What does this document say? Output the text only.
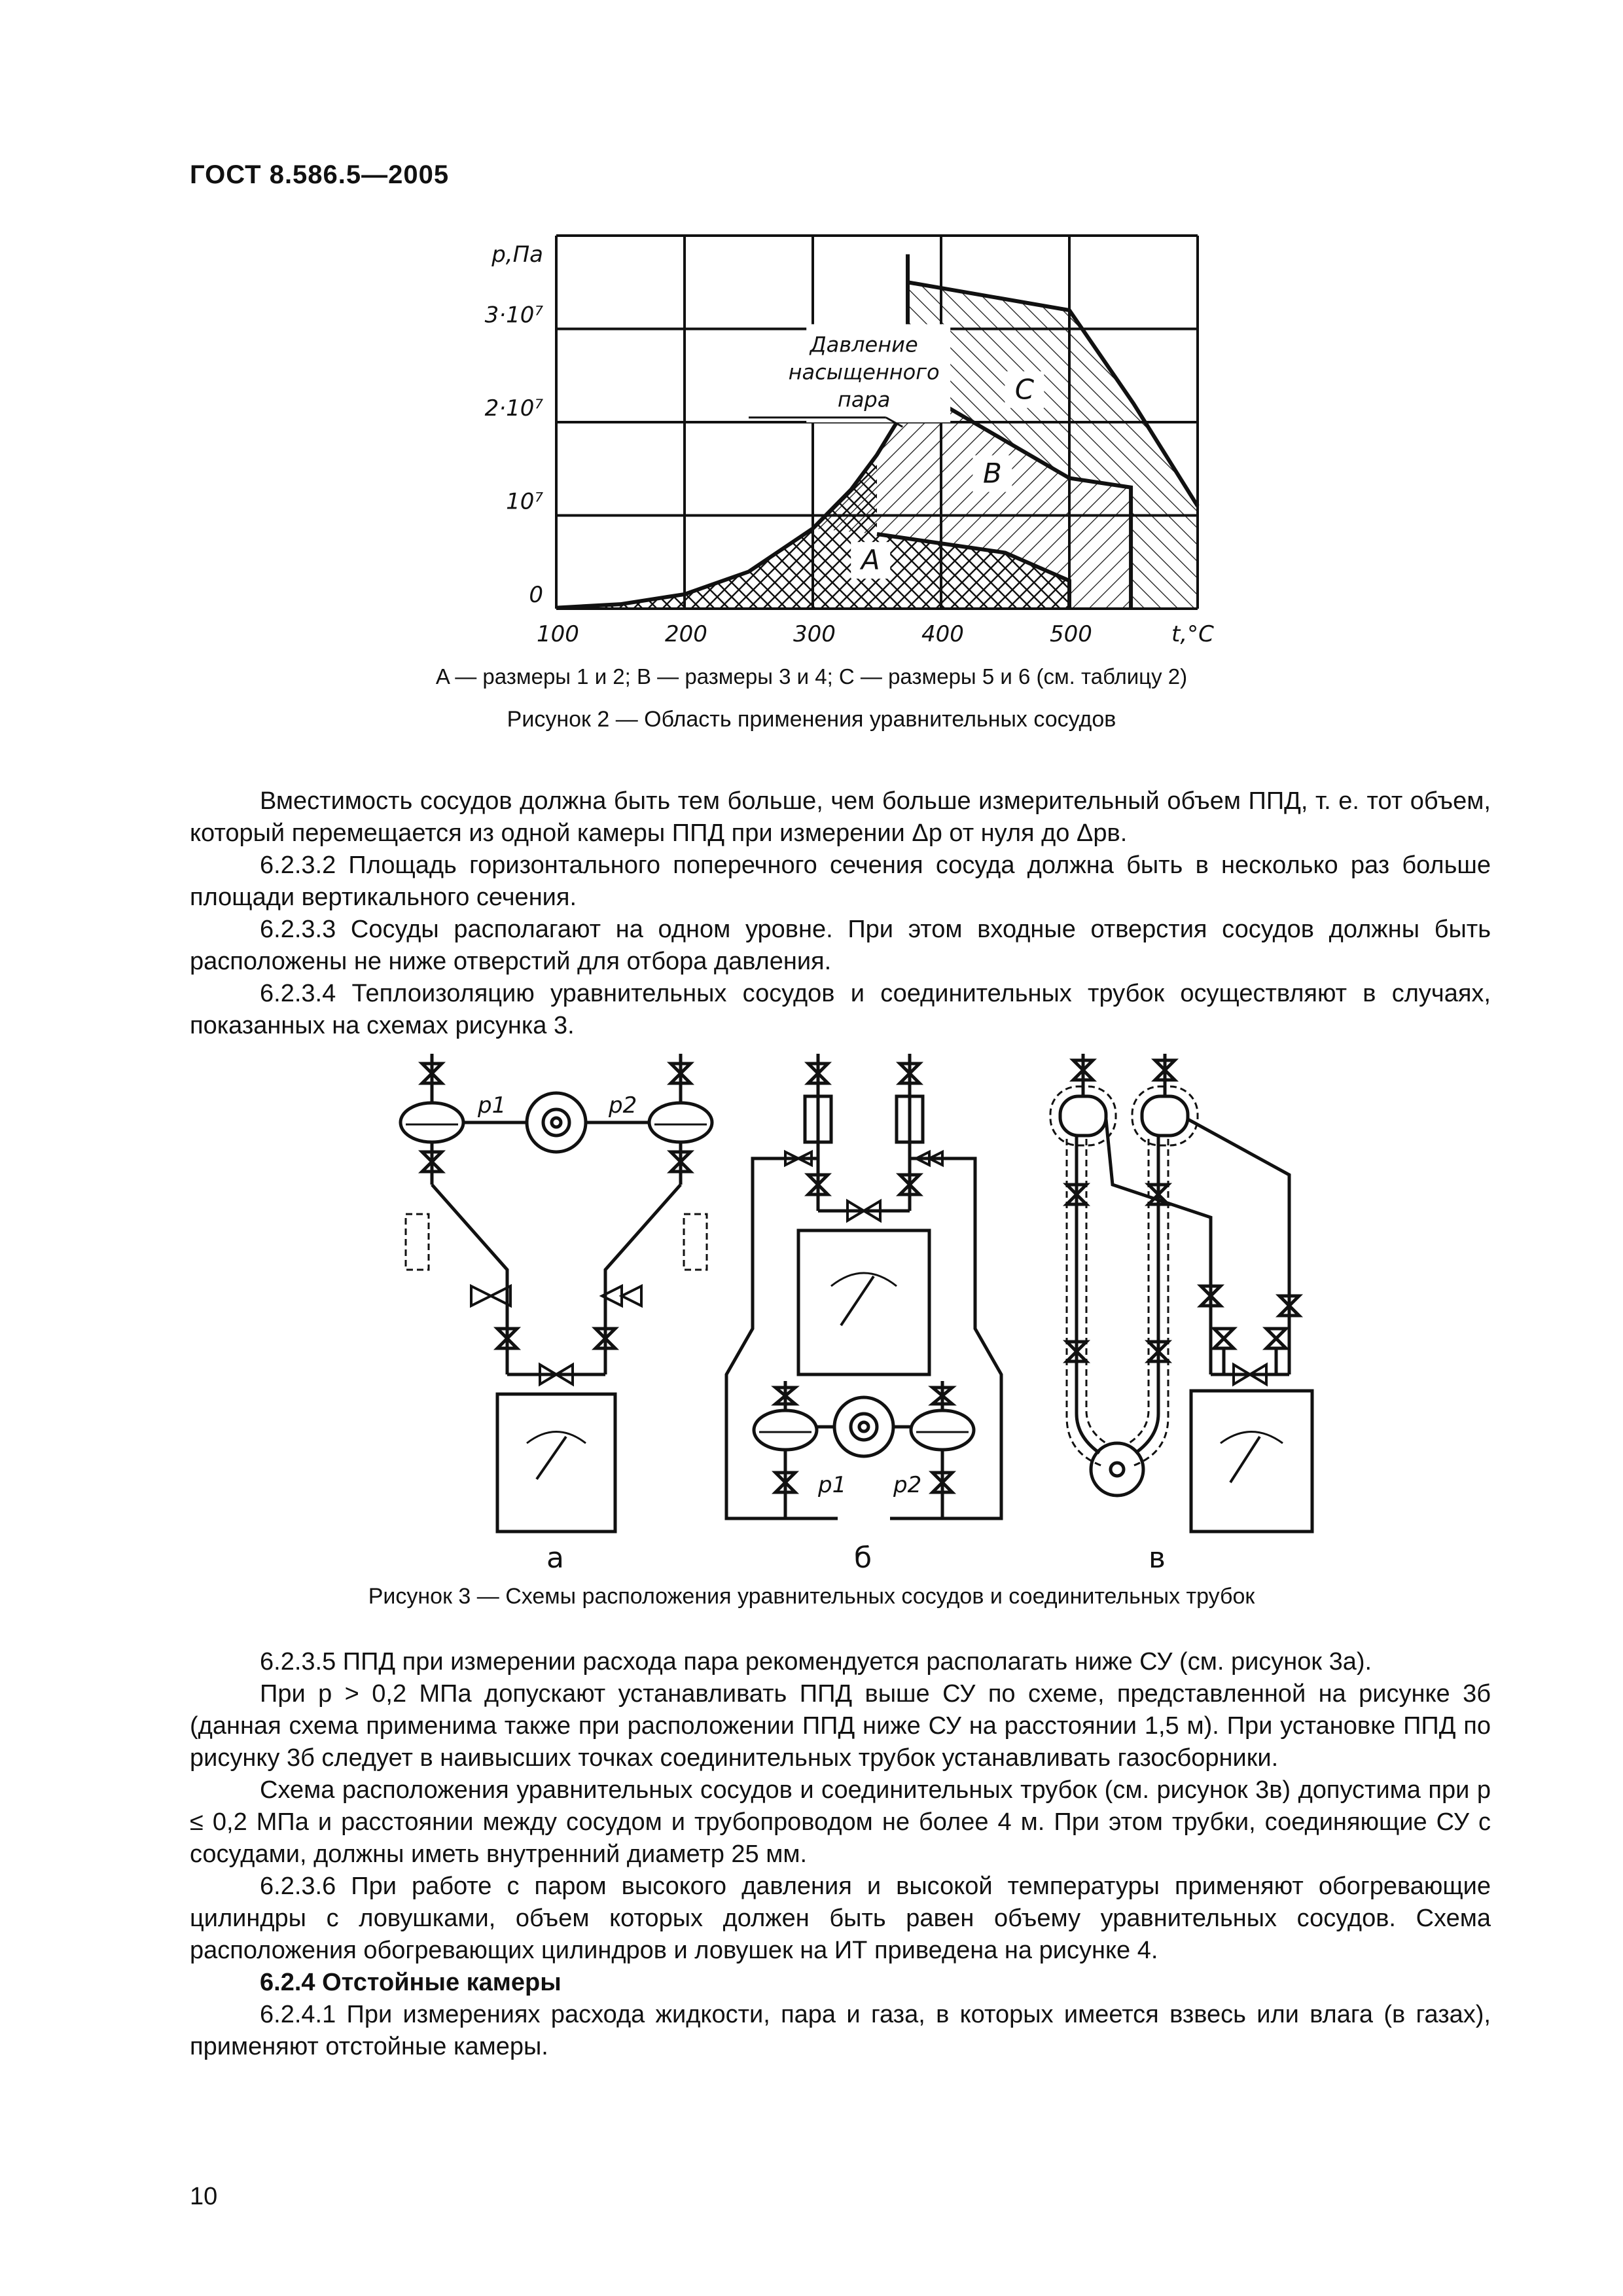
ГОСТ 8.586.5—2005
100	200	300	400	500	t,°C
0
10⁷
2·10⁷
3·10⁷
p,Па
Давление
насыщенного
пара
A
B
C
A — размеры 1 и 2; B — размеры 3 и 4; C — размеры 5 и 6 (см. таблицу 2)
Рисунок 2 — Область применения уравнительных сосудов

Вместимость сосудов должна быть тем больше, чем больше измерительный объем ППД, т. е. тот объем, который перемещается из одной камеры ППД при измерении Δp от нуля до Δpв.

6.2.3.2 Площадь горизонтального поперечного сечения сосуда должна быть в несколько раз больше площади вертикального сечения.

6.2.3.3 Сосуды располагают на одном уровне. При этом входные отверстия сосудов должны быть расположены не ниже отверстий для отбора давления.

6.2.3.4 Теплоизоляцию уравнительных сосудов и соединительных трубок осуществляют в случаях, показанных на схемах рисунка 3.

p1	p2
а
p1 p2
б	в
Рисунок 3 — Схемы расположения уравнительных сосудов и соединительных трубок

6.2.3.5 ППД при измерении расхода пара рекомендуется располагать ниже СУ (см. рисунок 3а).

При p > 0,2 МПа допускают устанавливать ППД выше СУ по схеме, представленной на рисунке 3б (данная схема применима также при расположении ППД ниже СУ на расстоянии 1,5 м). При установке ППД по рисунку 3б следует в наивысших точках соединительных трубок устанавливать газосборники.

Схема расположения уравнительных сосудов и соединительных трубок (см. рисунок 3в) допустима при p ≤ 0,2 МПа и расстоянии между сосудом и трубопроводом не более 4 м. При этом трубки, соединяющие СУ с сосудами, должны иметь внутренний диаметр 25 мм.

6.2.3.6 При работе с паром высокого давления и высокой температуры применяют обогревающие цилиндры с ловушками, объем которых должен быть равен объему уравнительных сосудов. Схема расположения обогревающих цилиндров и ловушек на ИТ приведена на рисунке 4.

6.2.4 Отстойные камеры

6.2.4.1 При измерениях расхода жидкости, пара и газа, в которых имеется взвесь или влага (в газах), применяют отстойные камеры.

10
